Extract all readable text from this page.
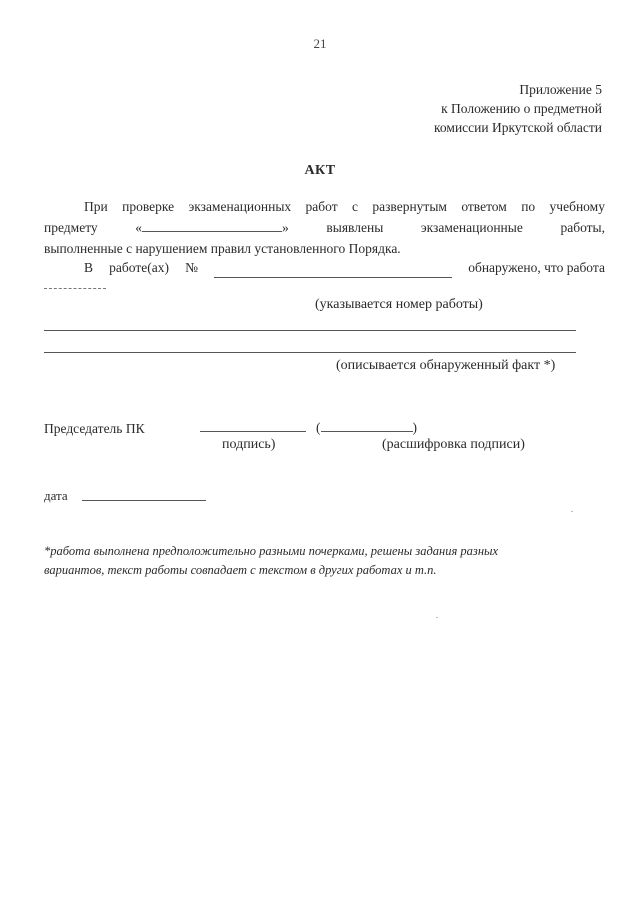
21
Приложение 5
к Положению о предметной
комиссии Иркутской области
АКТ
При проверке экзаменационных работ с развернутым ответом по учебному
предмету	«	»	выявлены	экзаменационные	работы,
выполненные с нарушением правил установленного Порядка.
В работе(ах) №	обнаружено, что работа
(указывается номер работы)
(описывается обнаруженный факт *)
Председатель ПК	(	)
подпись)	(расшифровка подписи)
дата
*работа выполнена предположительно разными почерками, решены задания разных
вариантов, текст работы совпадает с текстом в других работах и т.п.
